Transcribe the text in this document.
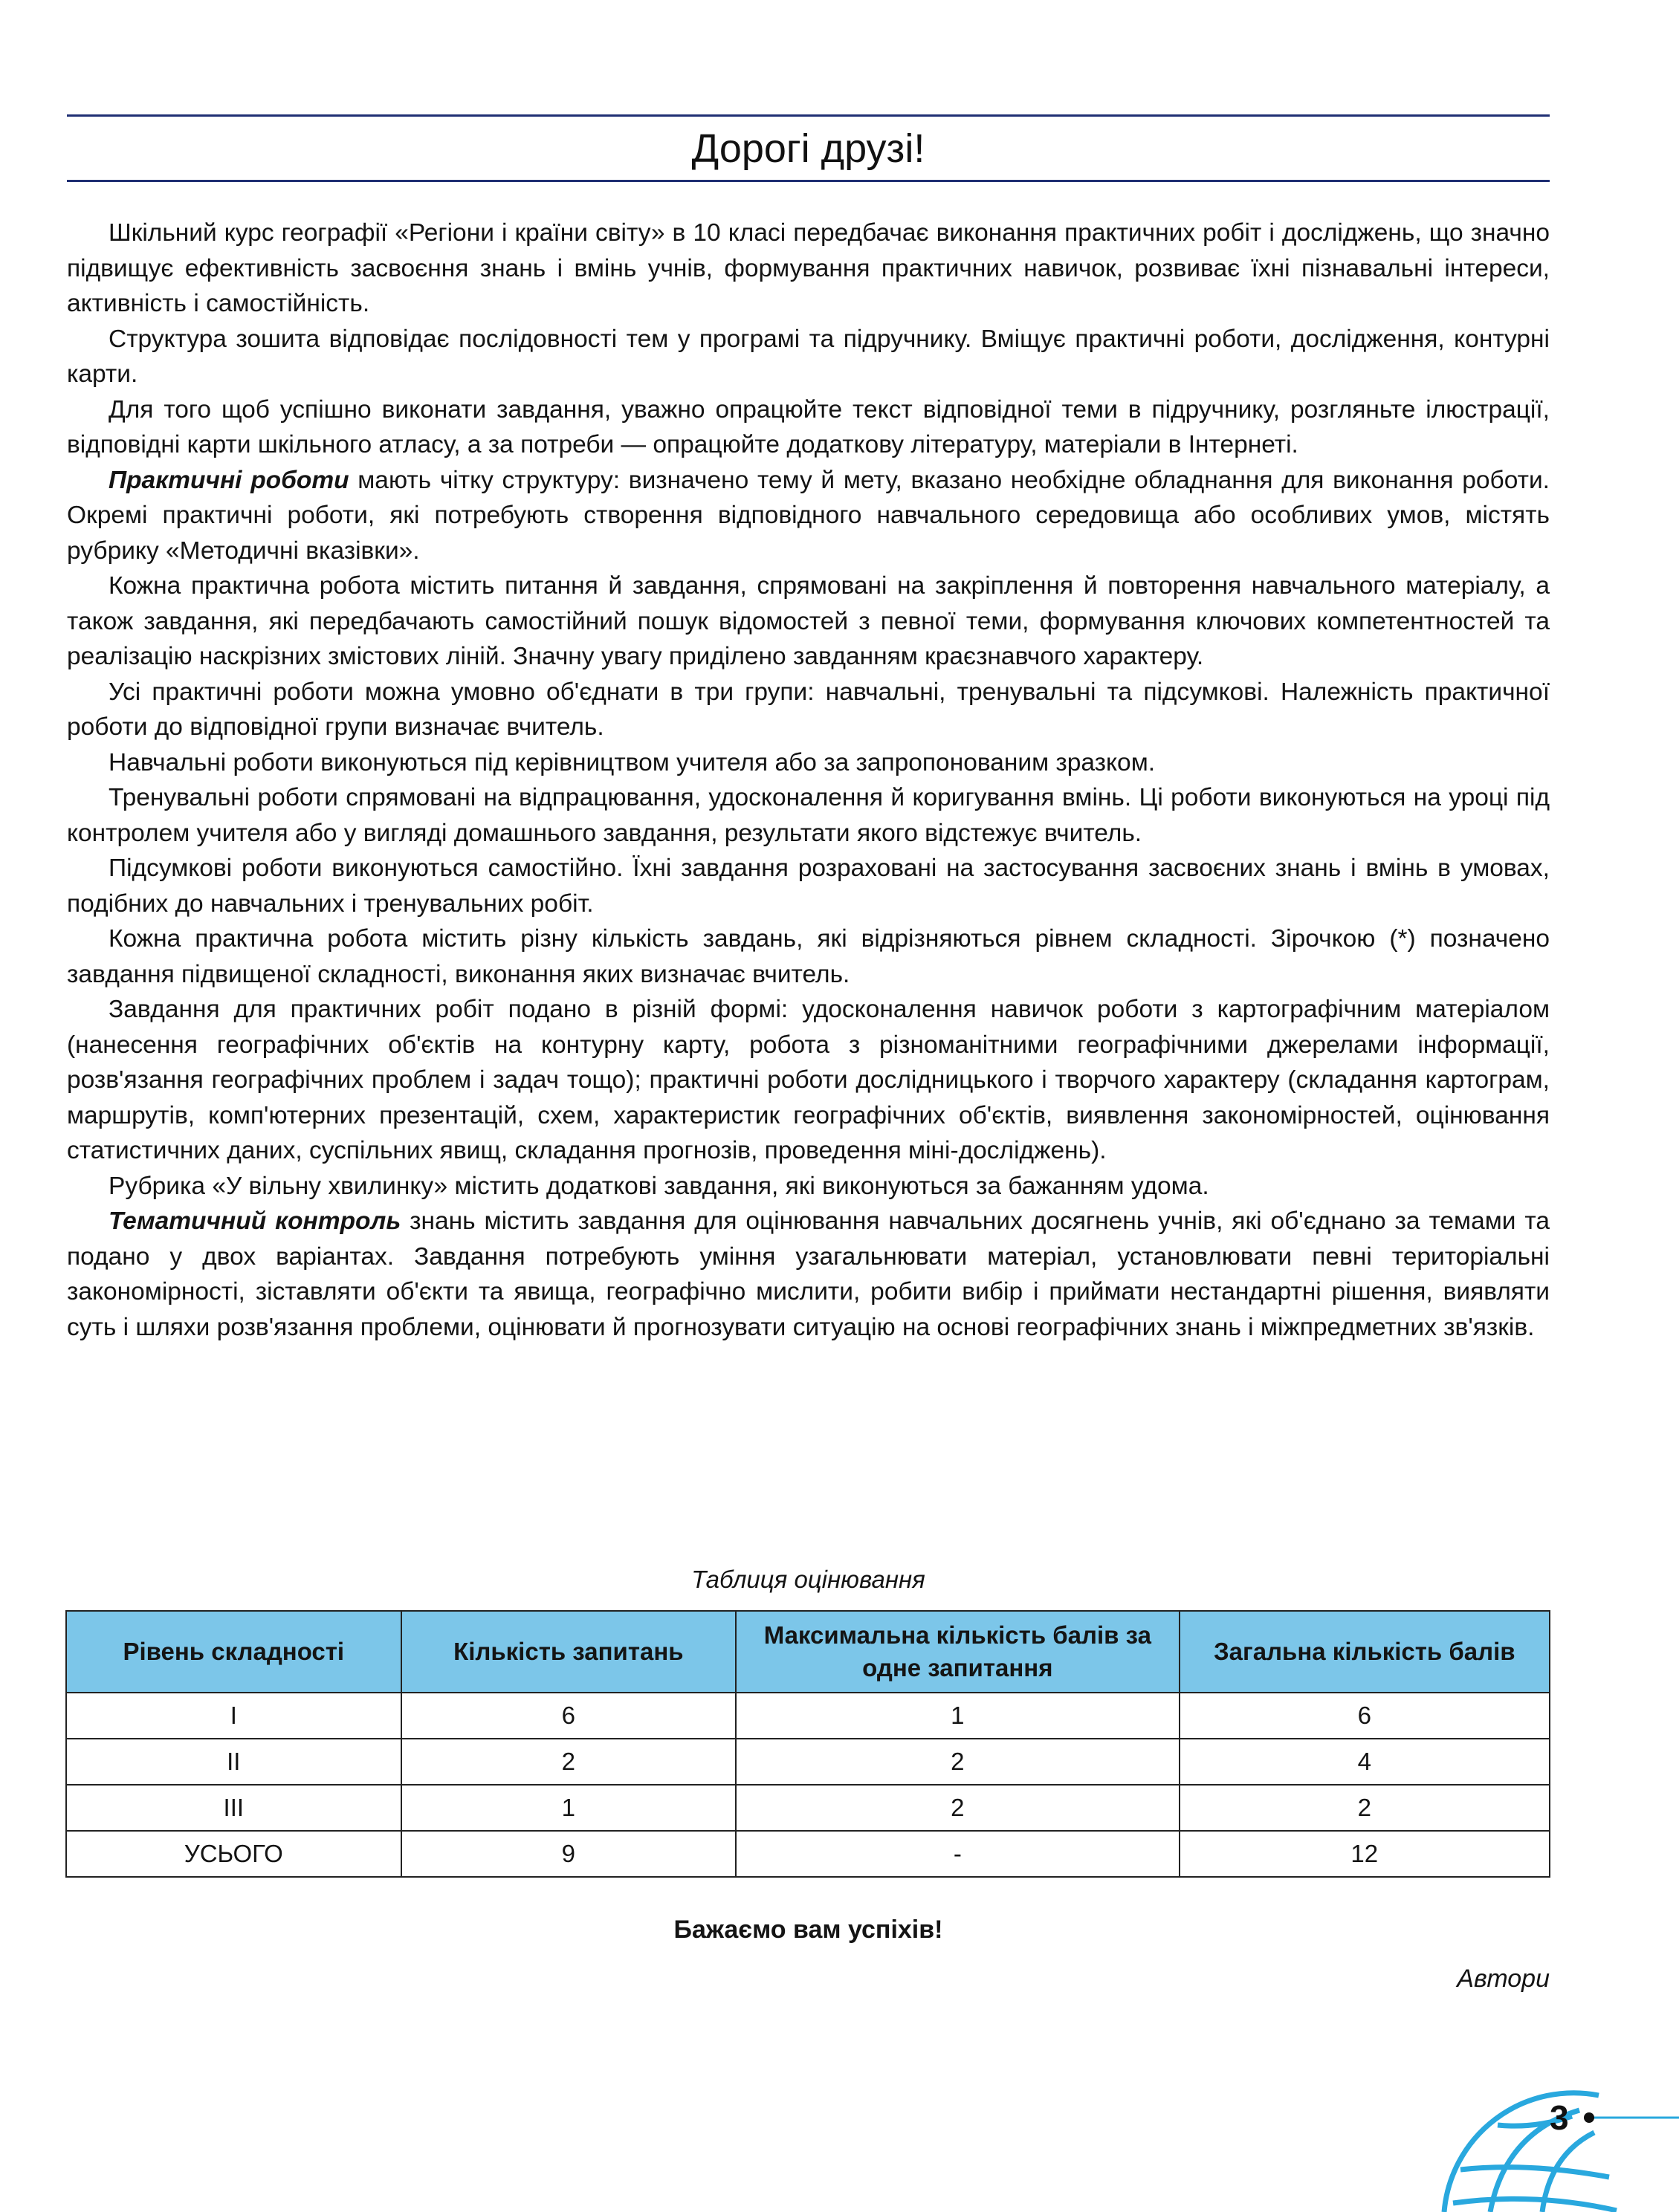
Дорогі друзі!

Шкільний курс географії «Регіони і країни світу» в 10 класі передбачає виконання практичних робіт і досліджень, що значно підвищує ефективність засвоєння знань і вмінь учнів, формування практичних навичок, розвиває їхні пізнавальні інтереси, активність і самостійність.

Структура зошита відповідає послідовності тем у програмі та підручнику. Вміщує практичні роботи, дослідження, контурні карти.

Для того щоб успішно виконати завдання, уважно опрацюйте текст відповідної теми в підручнику, розгляньте ілюстрації, відповідні карти шкільного атласу, а за потреби — опрацюйте додаткову літературу, матеріали в Інтернеті.

Практичні роботи мають чітку структуру: визначено тему й мету, вказано необхідне обладнання для виконання роботи. Окремі практичні роботи, які потребують створення відповідного навчального середовища або особливих умов, містять рубрику «Методичні вказівки».

Кожна практична робота містить питання й завдання, спрямовані на закріплення й повторення навчального матеріалу, а також завдання, які передбачають самостійний пошук відомостей з певної теми, формування ключових компетентностей та реалізацію наскрізних змістових ліній. Значну увагу приділено завданням краєзнавчого характеру.

Усі практичні роботи можна умовно об'єднати в три групи: навчальні, тренувальні та підсумкові. Належність практичної роботи до відповідної групи визначає вчитель.

Навчальні роботи виконуються під керівництвом учителя або за запропонованим зразком.

Тренувальні роботи спрямовані на відпрацювання, удосконалення й коригування вмінь. Ці роботи виконуються на уроці під контролем учителя або у вигляді домашнього завдання, результати якого відстежує вчитель.

Підсумкові роботи виконуються самостійно. Їхні завдання розраховані на застосування засвоєних знань і вмінь в умовах, подібних до навчальних і тренувальних робіт.

Кожна практична робота містить різну кількість завдань, які відрізняються рівнем складності. Зірочкою (*) позначено завдання підвищеної складності, виконання яких визначає вчитель.

Завдання для практичних робіт подано в різній формі: удосконалення навичок роботи з картографічним матеріалом (нанесення географічних об'єктів на контурну карту, робота з різноманітними географічними джерелами інформації, розв'язання географічних проблем і задач тощо); практичні роботи дослідницького і творчого характеру (складання картограм, маршрутів, комп'ютерних презентацій, схем, характеристик географічних об'єктів, виявлення закономірностей, оцінювання статистичних даних, суспільних явищ, складання прогнозів, проведення міні-досліджень).

Рубрика «У вільну хвилинку» містить додаткові завдання, які виконуються за бажанням удома.

Тематичний контроль знань містить завдання для оцінювання навчальних досягнень учнів, які об'єднано за темами та подано у двох варіантах. Завдання потребують уміння узагальнювати матеріал, установлювати певні територіальні закономірності, зіставляти об'єкти та явища, географічно мислити, робити вибір і приймати нестандартні рішення, виявляти суть і шляхи розв'язання проблеми, оцінювати й прогнозувати ситуацію на основі географічних знань і міжпредметних зв'язків.

Таблиця оцінювання
Рівень складності	Кількість запитань	Максимальна кількість балів за одне запитання	Загальна кількість балів
I	6	1	6
II	2	2	4
III	1	2	2
УСЬОГО	9	-	12
Бажаємо вам успіхів!
Автори
3
